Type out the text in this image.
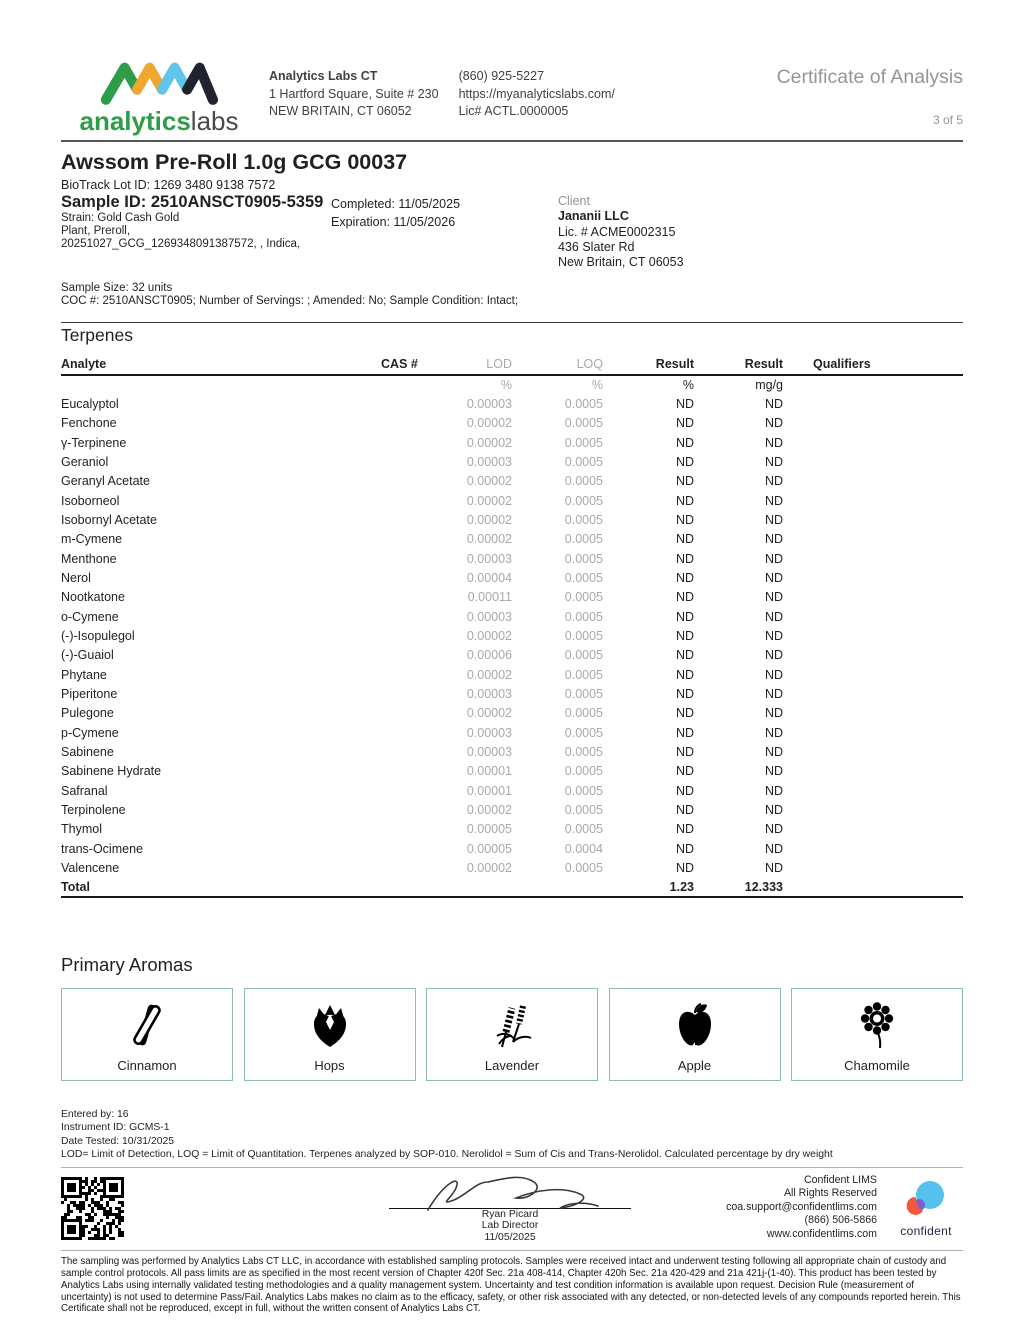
analyticslabs
Analytics Labs CT
1 Hartford Square, Suite # 230
NEW BRITAIN, CT 06052
(860) 925-5227
https://myanalyticslabs.com/
Lic# ACTL.0000005
Certificate of Analysis
3 of 5
Awssom Pre-Roll 1.0g GCG 00037
BioTrack Lot ID: 1269 3480 9138 7572
Sample ID: 2510ANSCT0905-5359
Strain: Gold Cash Gold
Plant, Preroll,
20251027_GCG_1269348091387572, , Indica,
Completed: 11/05/2025
Expiration: 11/05/2026
Client
Jananii LLC
Lic. # ACME0002315
436 Slater Rd
New Britain, CT 06053
Sample Size: 32 units
COC #: 2510ANSCT0905; Number of Servings: ; Amended: No; Sample Condition: Intact;
Terpenes
Analyte	CAS #	LOD	LOQ	Result	Result	Qualifiers
%	%	%	mg/g
Eucalyptol	0.00003	0.0005	ND	ND
Fenchone	0.00002	0.0005	ND	ND
γ-Terpinene	0.00002	0.0005	ND	ND
Geraniol	0.00003	0.0005	ND	ND
Geranyl Acetate	0.00002	0.0005	ND	ND
Isoborneol	0.00002	0.0005	ND	ND
Isobornyl Acetate	0.00002	0.0005	ND	ND
m-Cymene	0.00002	0.0005	ND	ND
Menthone	0.00003	0.0005	ND	ND
Nerol	0.00004	0.0005	ND	ND
Nootkatone	0.00011	0.0005	ND	ND
o-Cymene	0.00003	0.0005	ND	ND
(-)-Isopulegol	0.00002	0.0005	ND	ND
(-)-Guaiol	0.00006	0.0005	ND	ND
Phytane	0.00002	0.0005	ND	ND
Piperitone	0.00003	0.0005	ND	ND
Pulegone	0.00002	0.0005	ND	ND
p-Cymene	0.00003	0.0005	ND	ND
Sabinene	0.00003	0.0005	ND	ND
Sabinene Hydrate	0.00001	0.0005	ND	ND
Safranal	0.00001	0.0005	ND	ND
Terpinolene	0.00002	0.0005	ND	ND
Thymol	0.00005	0.0005	ND	ND
trans-Ocimene	0.00005	0.0004	ND	ND
Valencene	0.00002	0.0005	ND	ND
Total	1.23	12.333
Primary Aromas
Cinnamon	Hops	Lavender	Apple	Chamomile
Entered by: 16
Instrument ID: GCMS-1
Date Tested: 10/31/2025
LOD= Limit of Detection, LOQ = Limit of Quantitation. Terpenes analyzed by SOP-010. Nerolidol = Sum of Cis and Trans-Nerolidol. Calculated percentage by dry weight
Ryan Picard
Lab Director
11/05/2025
Confident LIMS
All Rights Reserved
coa.support@confidentlims.com
(866) 506-5866
www.confidentlims.com	confident
The sampling was performed by Analytics Labs CT LLC, in accordance with established sampling protocols. Samples were received intact and underwent testing following all appropriate chain of custody and sample control protocols. All pass limits are as specified in the most recent version of Chapter 420f Sec. 21a 408-414, Chapter 420h Sec. 21a 420-429 and 21a 421j-(1-40). This product has been tested by Analytics Labs using internally validated testing methodologies and a quality management system. Uncertainty and test condition information is available upon request. Decision Rule (measurement of uncertainty) is not used to determine Pass/Fail. Analytics Labs makes no claim as to the efficacy, safety, or other risk associated with any detected, or non-detected levels of any compounds reported herein. This Certificate shall not be reproduced, except in full, without the written consent of Analytics Labs CT.
